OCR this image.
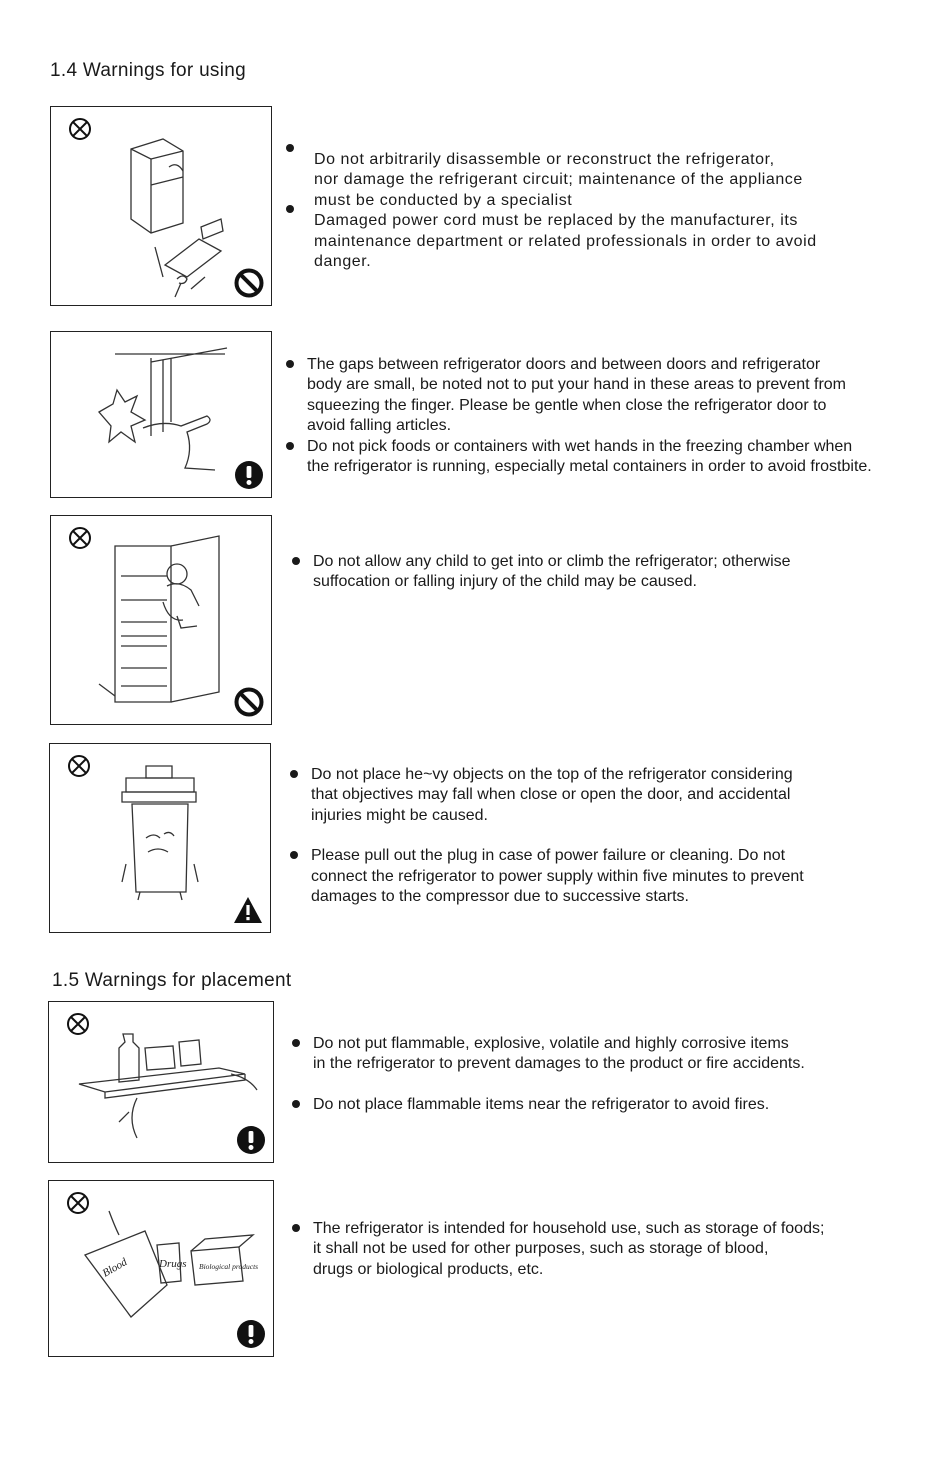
1.4 Warnings for using
Do not arbitrarily disassemble or reconstruct the refrigerator,
nor damage the refrigerant circuit; maintenance of the appliance
must be conducted by a specialist
Damaged power cord must be replaced by the manufacturer, its
maintenance department or related professionals in order to avoid
danger.
The gaps between refrigerator doors and between doors and refrigerator
body are small, be noted not to put your hand in these areas to prevent from
squeezing the finger. Please be gentle when close the refrigerator door to
avoid falling articles.
Do not pick foods or containers with wet hands in the freezing chamber when
the refrigerator is running, especially metal containers in order to avoid frostbite.
Do not allow any child to get into or climb the refrigerator; otherwise
suffocation or falling injury of the child may be caused.
Do not place he~vy objects on the top of the refrigerator considering
that objectives may fall when close or open the door, and accidental
injuries might be caused.
Please pull out the plug in case of power failure or cleaning. Do not
connect the refrigerator to power supply within five minutes to prevent
damages to the compressor due to successive starts.
1.5 Warnings for placement
Do not put flammable, explosive, volatile and highly corrosive items
in the refrigerator to prevent damages to the product or fire accidents.
Do not place flammable items near the refrigerator to avoid fires.
Blood	Drugs Biological products
The refrigerator is intended for household use, such as storage of foods;
it shall not be used for other purposes, such as storage of blood,
drugs or biological products, etc.
